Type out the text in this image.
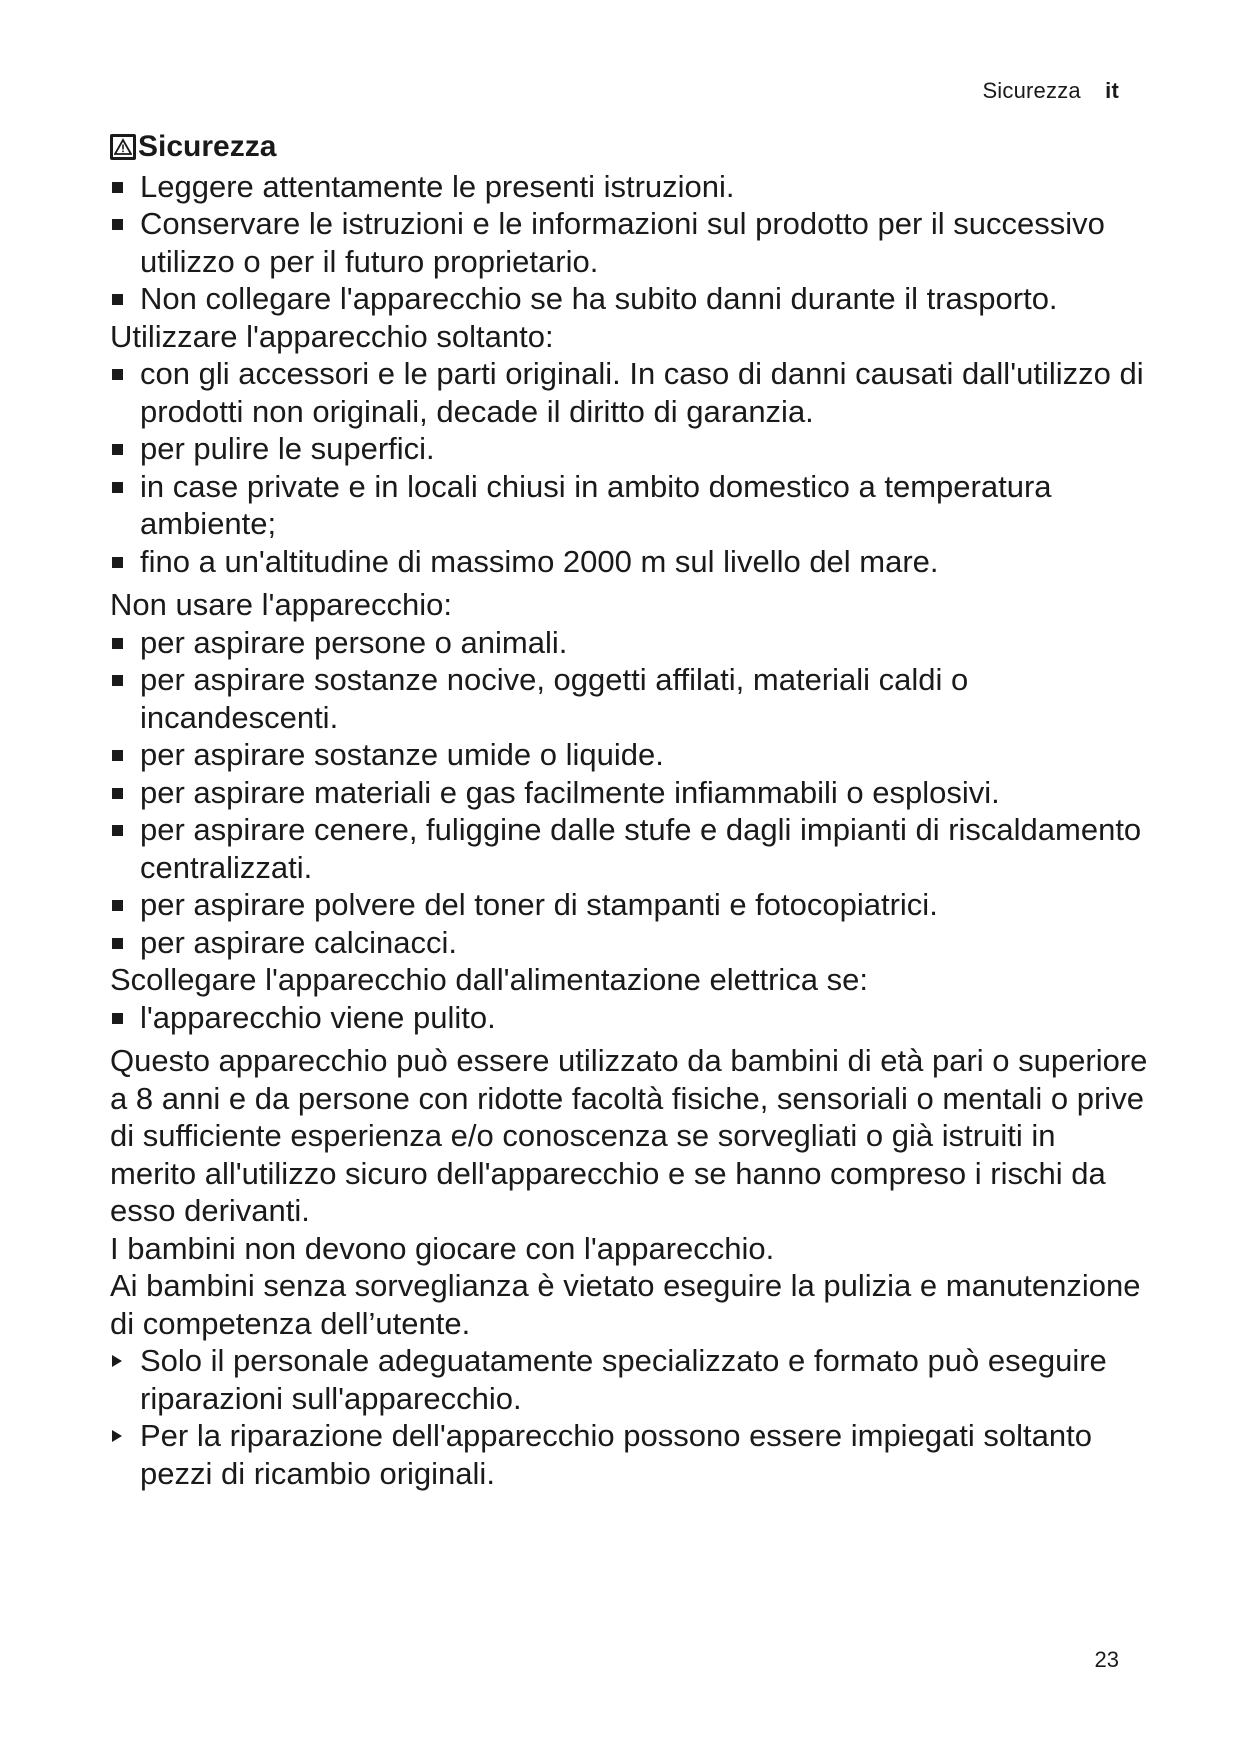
Sicurezza it
Sicurezza

Leggere attentamente le presenti istruzioni.

Conservare le istruzioni e le informazioni sul prodotto per il successivo utilizzo o per il futuro proprietario.

Non collegare l'apparecchio se ha subito danni durante il trasporto.

Utilizzare l'apparecchio soltanto:

con gli accessori e le parti originali. In caso di danni causati dall'utilizzo di prodotti non originali, decade il diritto di garanzia.

per pulire le superfici.

in case private e in locali chiusi in ambito domestico a temperatura ambiente;

fino a un'altitudine di massimo 2000 m sul livello del mare.

Non usare l'apparecchio:

per aspirare persone o animali.

per aspirare sostanze nocive, oggetti affilati, materiali caldi o incandescenti.

per aspirare sostanze umide o liquide.

per aspirare materiali e gas facilmente infiammabili o esplosivi.

per aspirare cenere, fuliggine dalle stufe e dagli impianti di riscaldamento centralizzati.

per aspirare polvere del toner di stampanti e fotocopiatrici.

per aspirare calcinacci.

Scollegare l'apparecchio dall'alimentazione elettrica se:

l'apparecchio viene pulito.

Questo apparecchio può essere utilizzato da bambini di età pari o superiore a 8 anni e da persone con ridotte facoltà fisiche, sensoriali o mentali o prive di sufficiente esperienza e/o conoscenza se sorvegliati o già istruiti in merito all'utilizzo sicuro dell'apparecchio e se hanno compreso i rischi da esso derivanti.

I bambini non devono giocare con l'apparecchio.

Ai bambini senza sorveglianza è vietato eseguire la pulizia e manutenzione di competenza dell’utente.

Solo il personale adeguatamente specializzato e formato può eseguire riparazioni sull'apparecchio.

Per la riparazione dell'apparecchio possono essere impiegati soltanto pezzi di ricambio originali.

23
